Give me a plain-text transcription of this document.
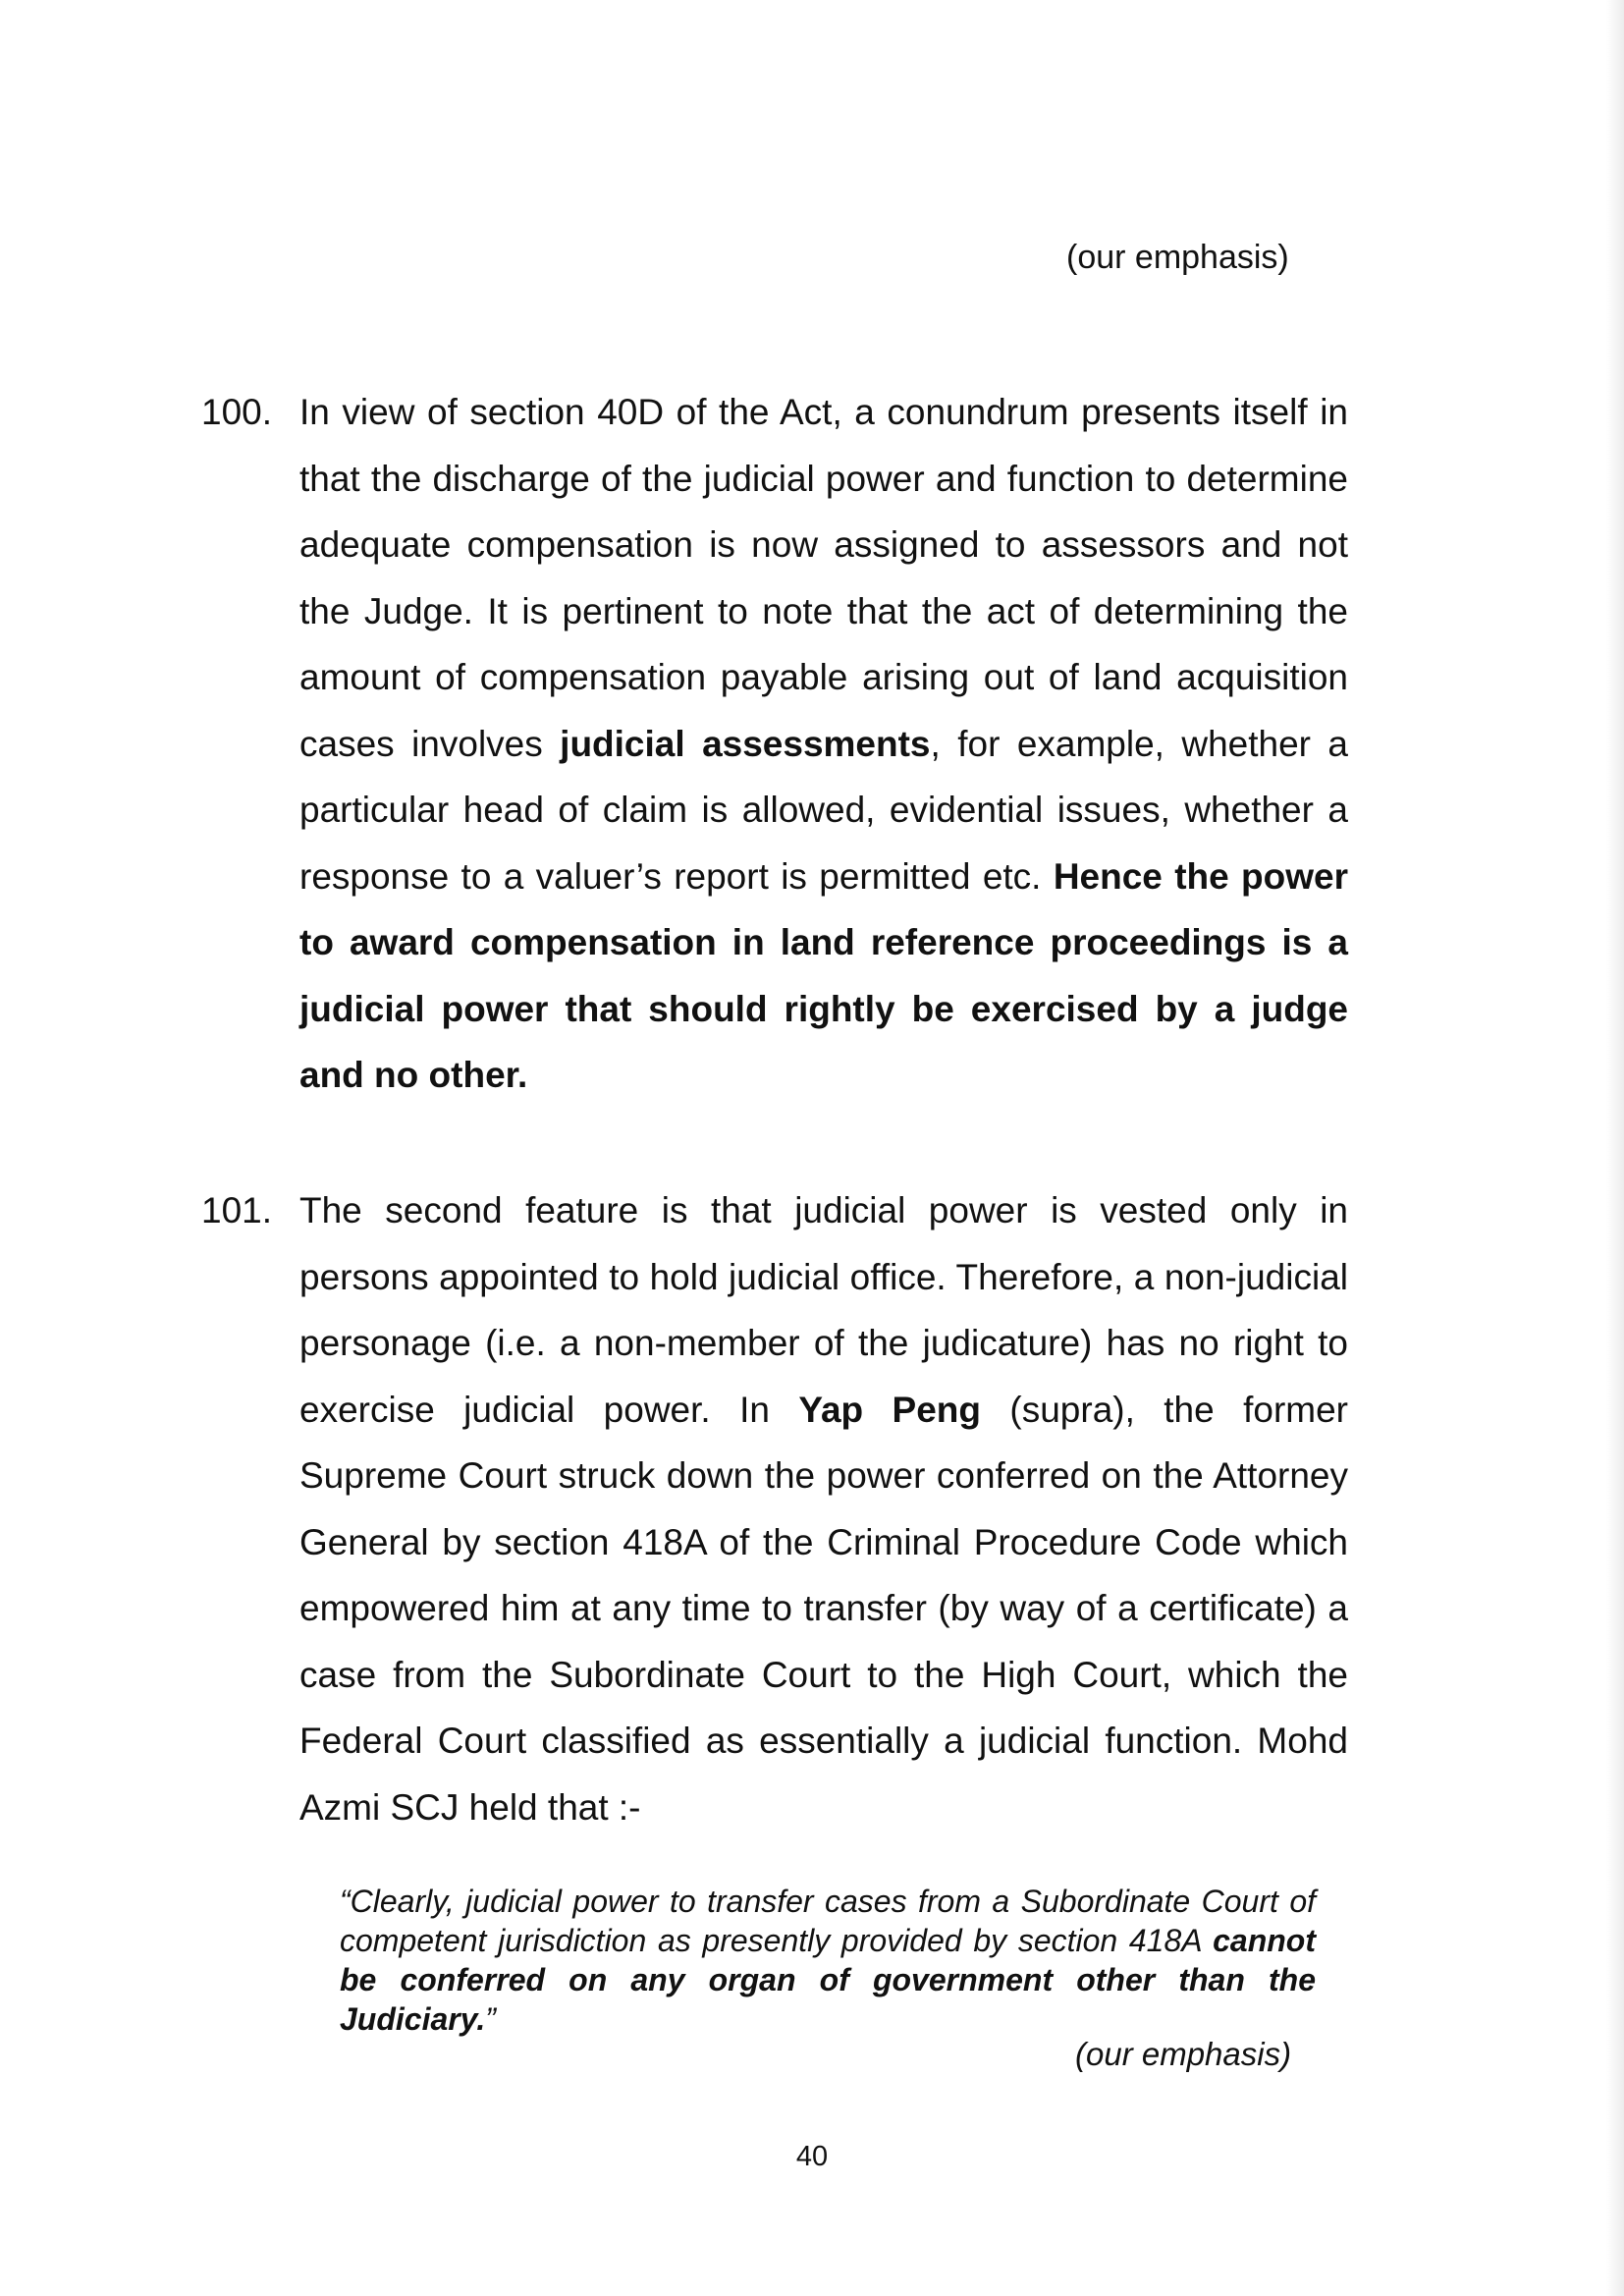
(our emphasis)
100. In view of section 40D of the Act, a conundrum presents itself in that the discharge of the judicial power and function to determine adequate compensation is now assigned to assessors and not the Judge. It is pertinent to note that the act of determining the amount of compensation payable arising out of land acquisition cases involves judicial assessments, for example, whether a particular head of claim is allowed, evidential issues, whether a response to a valuer’s report is permitted etc. Hence the power to award compensation in land reference proceedings is a judicial power that should rightly be exercised by a judge and no other.
101. The second feature is that judicial power is vested only in persons appointed to hold judicial office. Therefore, a non-judicial personage (i.e. a non-member of the judicature) has no right to exercise judicial power. In Yap Peng (supra), the former Supreme Court struck down the power conferred on the Attorney General by section 418A of the Criminal Procedure Code which empowered him at any time to transfer (by way of a certificate) a case from the Subordinate Court to the High Court, which the Federal Court classified as essentially a judicial function. Mohd Azmi SCJ held that :-
“Clearly, judicial power to transfer cases from a Subordinate Court of competent jurisdiction as presently provided by section 418A cannot be conferred on any organ of government other than the Judiciary.”
(our emphasis)
40
